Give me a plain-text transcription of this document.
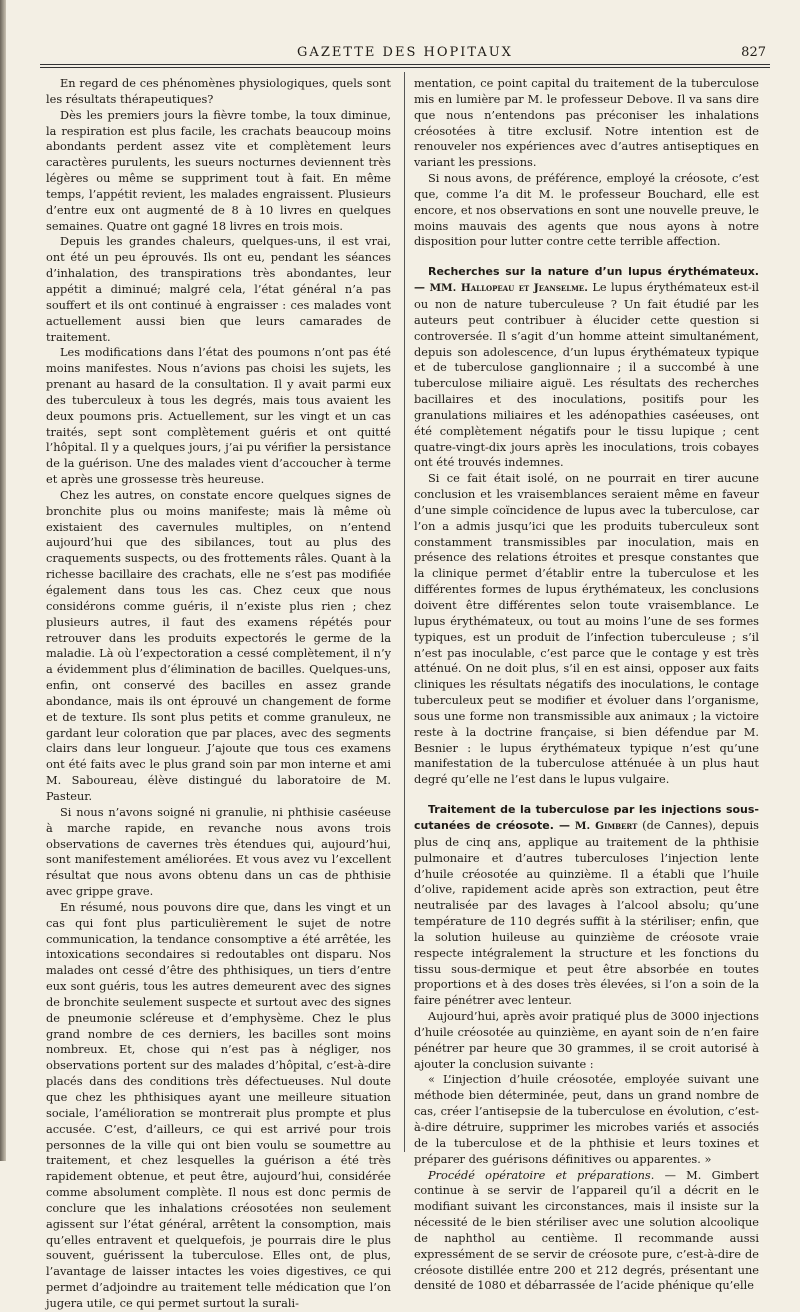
GAZETTE DES HOPITAUX	827

En regard de ces phénomènes physiologiques, quels sont les résultats thérapeutiques?

Dès les premiers jours la fièvre tombe, la toux diminue, la respiration est plus facile, les crachats beaucoup moins abondants perdent assez vite et complètement leurs caractères purulents, les sueurs nocturnes deviennent très légères ou même se suppriment tout à fait. En même temps, l’appétit revient, les malades engraissent. Plusieurs d’entre eux ont augmenté de 8 à 10 livres en quelques semaines. Quatre ont gagné 18 livres en trois mois.

Depuis les grandes chaleurs, quelques-uns, il est vrai, ont été un peu éprouvés. Ils ont eu, pendant les séances d’inhalation, des transpirations très abondantes, leur appétit a diminué; malgré cela, l’état général n’a pas souffert et ils ont continué à engraisser : ces malades vont actuellement aussi bien que leurs camarades de traitement.

Les modifications dans l’état des poumons n’ont pas été moins manifestes. Nous n’avions pas choisi les sujets, les prenant au hasard de la consultation. Il y avait parmi eux des tuberculeux à tous les degrés, mais tous avaient les deux poumons pris. Actuellement, sur les vingt et un cas traités, sept sont complètement guéris et ont quitté l’hôpital. Il y a quelques jours, j’ai pu vérifier la persistance de la guérison. Une des malades vient d’accoucher à terme et après une grossesse très heureuse.

Chez les autres, on constate encore quelques signes de bronchite plus ou moins manifeste; mais là même où existaient des cavernules multiples, on n’entend aujourd’hui que des sibilances, tout au plus des craquements suspects, ou des frottements râles. Quant à la richesse bacillaire des crachats, elle ne s’est pas modifiée également dans tous les cas. Chez ceux que nous considérons comme guéris, il n’existe plus rien ; chez plusieurs autres, il faut des examens répétés pour retrouver dans les produits expectorés le germe de la maladie. Là où l’expectoration a cessé complètement, il n’y a évidemment plus d’élimination de bacilles. Quelques-uns, enfin, ont conservé des bacilles en assez grande abondance, mais ils ont éprouvé un changement de forme et de texture. Ils sont plus petits et comme granuleux, ne gardant leur coloration que par places, avec des segments clairs dans leur longueur. J’ajoute que tous ces examens ont été faits avec le plus grand soin par mon interne et ami M. Saboureau, élève distingué du laboratoire de M. Pasteur.

Si nous n’avons soigné ni granulie, ni phthisie caséeuse à marche rapide, en revanche nous avons trois observations de cavernes très étendues qui, aujourd’hui, sont manifestement améliorées. Et vous avez vu l’excellent résultat que nous avons obtenu dans un cas de phthisie avec grippe grave.

En résumé, nous pouvons dire que, dans les vingt et un cas qui font plus particulièrement le sujet de notre communication, la tendance consomptive a été arrêtée, les intoxications secondaires si redoutables ont disparu. Nos malades ont cessé d’être des phthisiques, un tiers d’entre eux sont guéris, tous les autres demeurent avec des signes de bronchite seulement suspecte et surtout avec des signes de pneumonie scléreuse et d’emphysème. Chez le plus grand nombre de ces derniers, les bacilles sont moins nombreux. Et, chose qui n’est pas à négliger, nos observations portent sur des malades d’hôpital, c’est-à-dire placés dans des conditions très défectueuses. Nul doute que chez les phthisiques ayant une meilleure situation sociale, l’amélioration se montrerait plus prompte et plus accusée. C’est, d’ailleurs, ce qui est arrivé pour trois personnes de la ville qui ont bien voulu se soumettre au traitement, et chez lesquelles la guérison a été très rapidement obtenue, et peut être, aujourd’hui, considérée comme absolument complète. Il nous est donc permis de conclure que les inhalations créosotées non seulement agissent sur l’état général, arrêtent la consomption, mais qu’elles entravent et quelquefois, je pourrais dire le plus souvent, guérissent la tuberculose. Elles ont, de plus, l’avantage de laisser intactes les voies digestives, ce qui permet d’adjoindre au traitement telle médication que l’on jugera utile, ce qui permet surtout la surali-

mentation, ce point capital du traitement de la tuberculose mis en lumière par M. le professeur Debove. Il va sans dire que nous n’entendons pas préconiser les inhalations créosotées à titre exclusif. Notre intention est de renouveler nos expériences avec d’autres antiseptiques en variant les pressions.

Si nous avons, de préférence, employé la créosote, c’est que, comme l’a dit M. le professeur Bouchard, elle est encore, et nos observations en sont une nouvelle preuve, le moins mauvais des agents que nous ayons à notre disposition pour lutter contre cette terrible affection.

Recherches sur la nature d’un lupus érythémateux. — MM. Hallopeau et Jeanselme. Le lupus érythémateux est-il ou non de nature tuberculeuse ? Un fait étudié par les auteurs peut contribuer à élucider cette question si controversée. Il s’agit d’un homme atteint simultanément, depuis son adolescence, d’un lupus érythémateux typique et de tuberculose ganglionnaire ; il a succombé à une tuberculose miliaire aiguë. Les résultats des recherches bacillaires et des inoculations, positifs pour les granulations miliaires et les adénopathies caséeuses, ont été complètement négatifs pour le tissu lupique ; cent quatre-vingt-dix jours après les inoculations, trois cobayes ont été trouvés indemnes.

Si ce fait était isolé, on ne pourrait en tirer aucune conclusion et les vraisemblances seraient même en faveur d’une simple coïncidence de lupus avec la tuberculose, car l’on a admis jusqu’ici que les produits tuberculeux sont constamment transmissibles par inoculation, mais en présence des relations étroites et presque constantes que la clinique permet d’établir entre la tuberculose et les différentes formes de lupus érythémateux, les conclusions doivent être différentes selon toute vraisemblance. Le lupus érythémateux, ou tout au moins l’une de ses formes typiques, est un produit de l’infection tuberculeuse ; s’il n’est pas inoculable, c’est parce que le contage y est très atténué. On ne doit plus, s’il en est ainsi, opposer aux faits cliniques les résultats négatifs des inoculations, le contage tuberculeux peut se modifier et évoluer dans l’organisme, sous une forme non transmissible aux animaux ; la victoire reste à la doctrine française, si bien défendue par M. Besnier : le lupus érythémateux typique n’est qu’une manifestation de la tuberculose atténuée à un plus haut degré qu’elle ne l’est dans le lupus vulgaire.

Traitement de la tuberculose par les injections sous-cutanées de créosote. — M. Gimbert (de Cannes), depuis plus de cinq ans, applique au traitement de la phthisie pulmonaire et d’autres tuberculoses l’injection lente d’huile créosotée au quinzième. Il a établi que l’huile d’olive, rapidement acide après son extraction, peut être neutralisée par des lavages à l’alcool absolu; qu’une température de 110 degrés suffit à la stériliser; enfin, que la solution huileuse au quinzième de créosote vraie respecte intégralement la structure et les fonctions du tissu sous-dermique et peut être absorbée en toutes proportions et à des doses très élevées, si l’on a soin de la faire pénétrer avec lenteur.

Aujourd’hui, après avoir pratiqué plus de 3000 injections d’huile créosotée au quinzième, en ayant soin de n’en faire pénétrer par heure que 30 grammes, il se croit autorisé à ajouter la conclusion suivante :

« L’injection d’huile créosotée, employée suivant une méthode bien déterminée, peut, dans un grand nombre de cas, créer l’antisepsie de la tuberculose en évolution, c’est-à-dire détruire, supprimer les microbes variés et associés de la tuberculose et de la phthisie et leurs toxines et préparer des guérisons définitives ou apparentes. »

Procédé opératoire et préparations. — M. Gimbert continue à se servir de l’appareil qu’il a décrit en le modifiant suivant les circonstances, mais il insiste sur la nécessité de le bien stériliser avec une solution alcoolique de naphthol au centième. Il recommande aussi expressément de se servir de créosote pure, c’est-à-dire de créosote distillée entre 200 et 212 degrés, présentant une densité de 1080 et débarrassée de l’acide phénique qu’elle
